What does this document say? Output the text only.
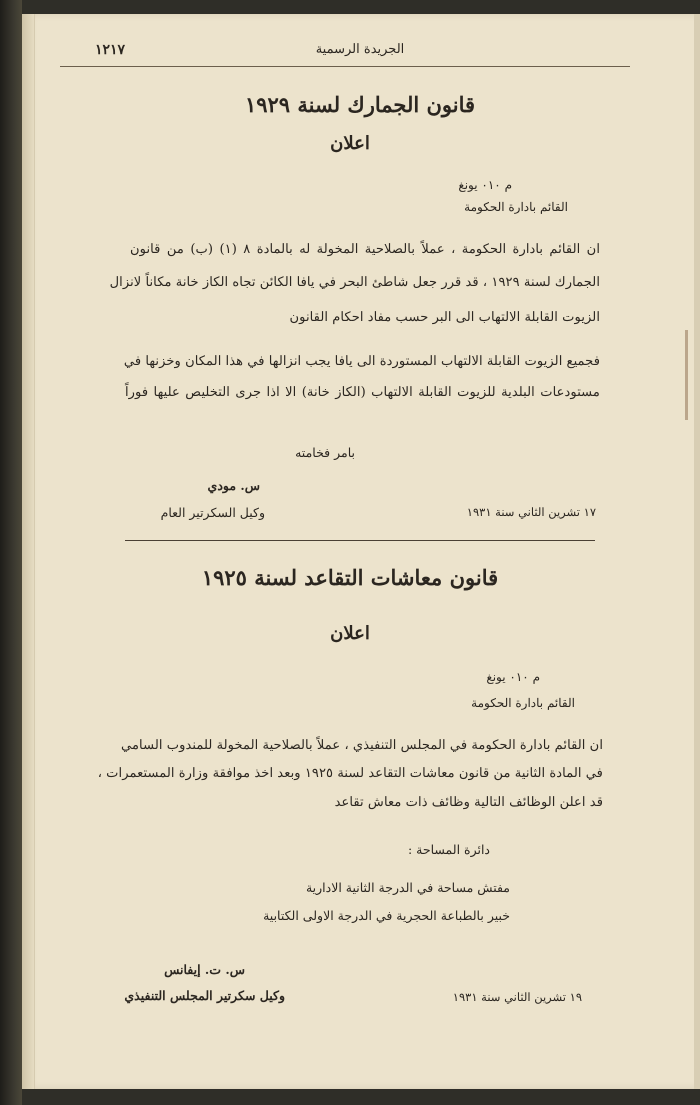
١٢١٧	الجريدة الرسمية
قانون الجمارك لسنة ١٩٢٩
اعلان
م ٠١٠ يونغ
القائم بادارة الحكومة
ان القائم بادارة الحكومة ، عملاً بالصلاحية المخولة له بالمادة ٨ (١) (ب) من قانون
الجمارك لسنة ١٩٢٩ ، قد قرر جعل شاطئ البحر في يافا الكائن تجاه الكاز خانة مكاناً لانزال
الزيوت القابلة الالتهاب الى البر حسب مفاد احكام القانون
فجميع الزيوت القابلة الالتهاب المستوردة الى يافا يجب انزالها في هذا المكان وخزنها في
مستودعات البلدية للزيوت القابلة الالتهاب (الكاز خانة) الا اذا جرى التخليص عليها فوراً
بامر فخامته
س. مودي
وكيل السكرتير العام	١٧ تشرين الثاني سنة ١٩٣١
قانون معاشات التقاعد لسنة ١٩٢٥
اعلان
م ٠١٠ يونغ
القائم بادارة الحكومة
ان القائم بادارة الحكومة في المجلس التنفيذي ، عملاً بالصلاحية المخولة للمندوب السامي
في المادة الثانية من قانون معاشات التقاعد لسنة ١٩٢٥ وبعد اخذ موافقة وزارة المستعمرات ،
قد اعلن الوظائف التالية وظائف ذات معاش تقاعد
دائرة المساحة :
مفتش مساحة في الدرجة الثانية الادارية
خبير بالطباعة الحجرية في الدرجة الاولى الكتابية
س. ت. إيفانس
وكيل سكرتير المجلس التنفيذي	١٩ تشرين الثاني سنة ١٩٣١
